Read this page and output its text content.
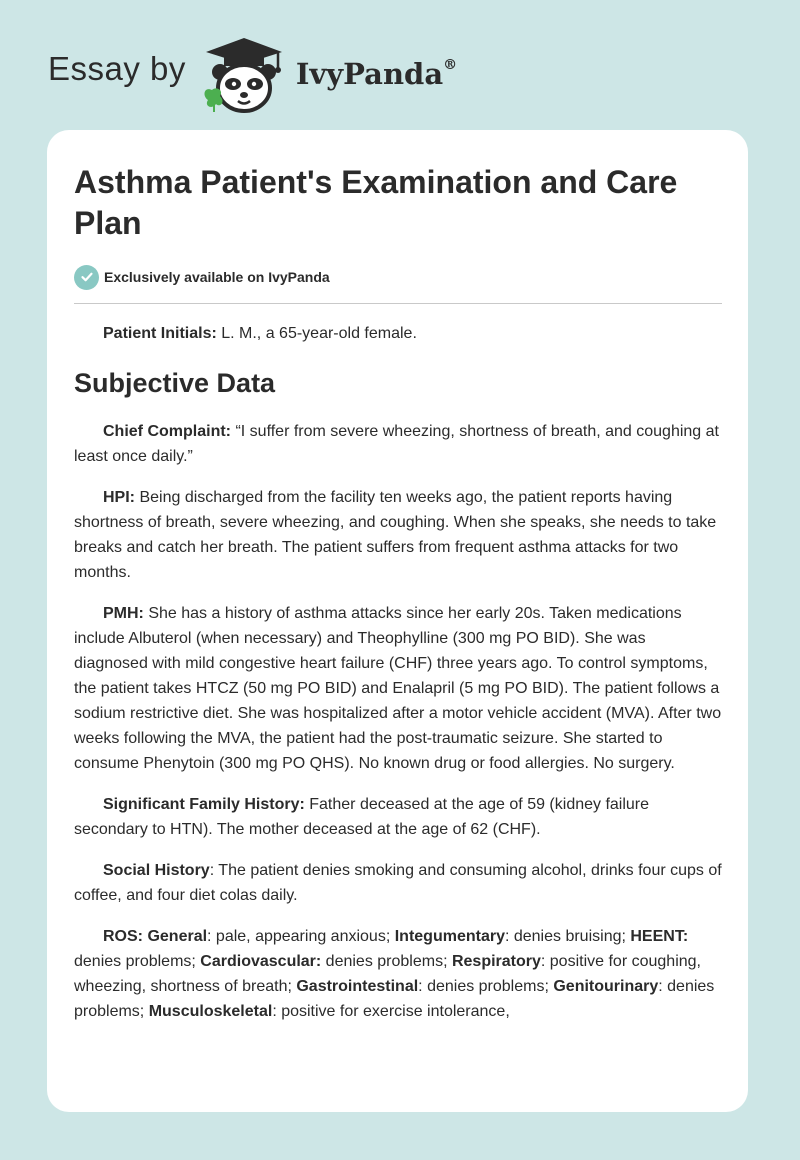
Essay by	IvyPanda®
Asthma Patient's Examination and Care Plan
Exclusively available on IvyPanda

Patient Initials: L. M., a 65-year-old female.

Subjective Data

Chief Complaint: “I suffer from severe wheezing, shortness of breath, and coughing at least once daily.”

HPI: Being discharged from the facility ten weeks ago, the patient reports having shortness of breath, severe wheezing, and coughing. When she speaks, she needs to take breaks and catch her breath. The patient suffers from frequent asthma attacks for two months.

PMH: She has a history of asthma attacks since her early 20s. Taken medications include Albuterol (when necessary) and Theophylline (300 mg PO BID). She was diagnosed with mild congestive heart failure (CHF) three years ago. To control symptoms, the patient takes HTCZ (50 mg PO BID) and Enalapril (5 mg PO BID). The patient follows a sodium restrictive diet. She was hospitalized after a motor vehicle accident (MVA). After two weeks following the MVA, the patient had the post-traumatic seizure. She started to consume Phenytoin (300 mg PO QHS). No known drug or food allergies. No surgery.

Significant Family History: Father deceased at the age of 59 (kidney failure secondary to HTN). The mother deceased at the age of 62 (CHF).

Social History: The patient denies smoking and consuming alcohol, drinks four cups of coffee, and four diet colas daily.

ROS: General: pale, appearing anxious; Integumentary: denies bruising; HEENT: denies problems; Cardiovascular: denies problems; Respiratory: positive for coughing, wheezing, shortness of breath; Gastrointestinal: denies problems; Genitourinary: denies problems; Musculoskeletal: positive for exercise intolerance,
